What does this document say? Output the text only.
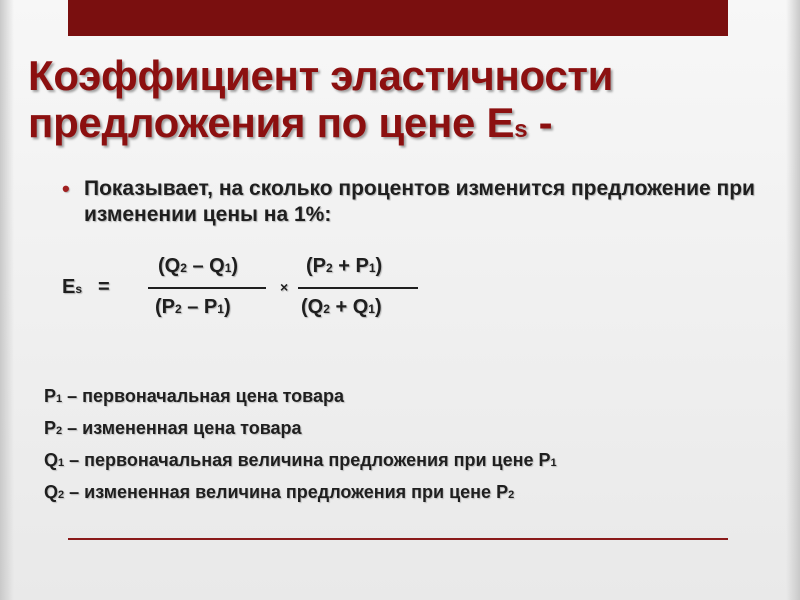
Коэффициент эластичности
предложения по цене Es -
• Показывает, на сколько процентов изменится предложение при изменении цены на 1%:
Es =
(Q2 – Q1)
(P2 – P1)
×
(P2 + P1)
(Q2 + Q1)
P1 – первоначальная цена товара
P2 – измененная цена товара
Q1 – первоначальная величина предложения при цене P1
Q2 – измененная величина предложения при цене P2
